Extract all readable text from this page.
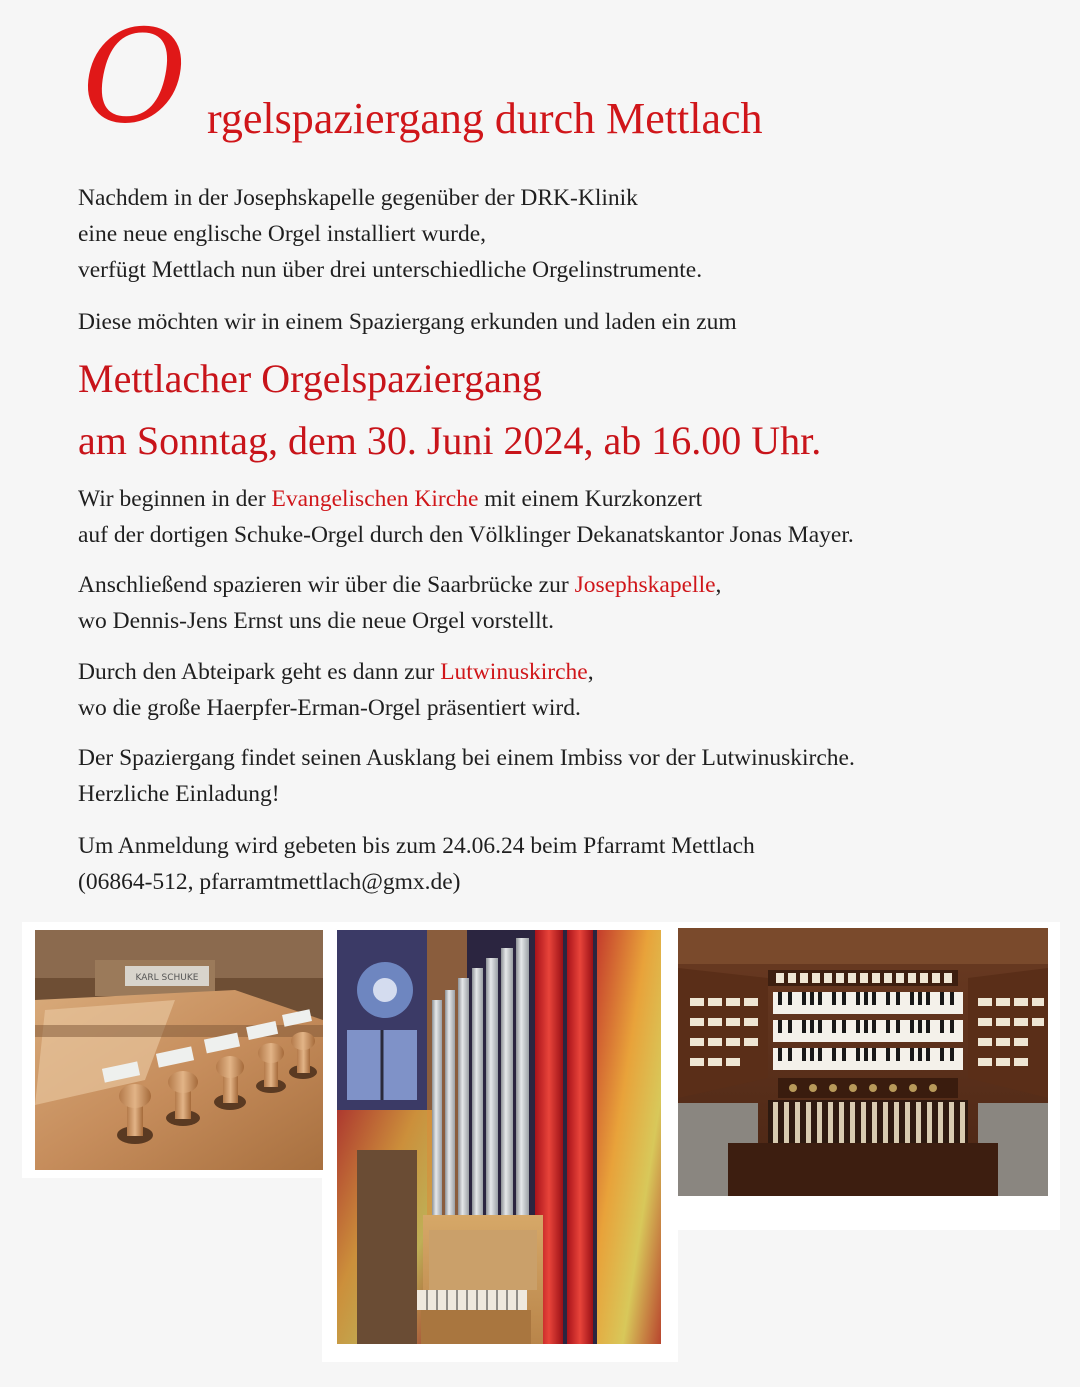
O rgelspaziergang durch Mettlach

Nachdem in der Josephskapelle gegenüber der DRK-Klinik

eine neue englische Orgel installiert wurde,

verfügt Mettlach nun über drei unterschiedliche Orgelinstrumente.

Diese möchten wir in einem Spaziergang erkunden und laden ein zum

Mettlacher Orgelspaziergang
am Sonntag, dem 30. Juni 2024, ab 16.00 Uhr.

Wir beginnen in der Evangelischen Kirche mit einem Kurzkonzert

auf der dortigen Schuke-Orgel durch den Völklinger Dekanatskantor Jonas Mayer.

Anschließend spazieren wir über die Saarbrücke zur Josephskapelle,

wo Dennis-Jens Ernst uns die neue Orgel vorstellt.

Durch den Abteipark geht es dann zur Lutwinuskirche,

wo die große Haerpfer-Erman-Orgel präsentiert wird.

Der Spaziergang findet seinen Ausklang bei einem Imbiss vor der Lutwinuskirche.

Herzliche Einladung!

Um Anmeldung wird gebeten bis zum 24.06.24 beim Pfarramt Mettlach

(06864-512, pfarramtmettlach@gmx.de)

KARL SCHUKE
